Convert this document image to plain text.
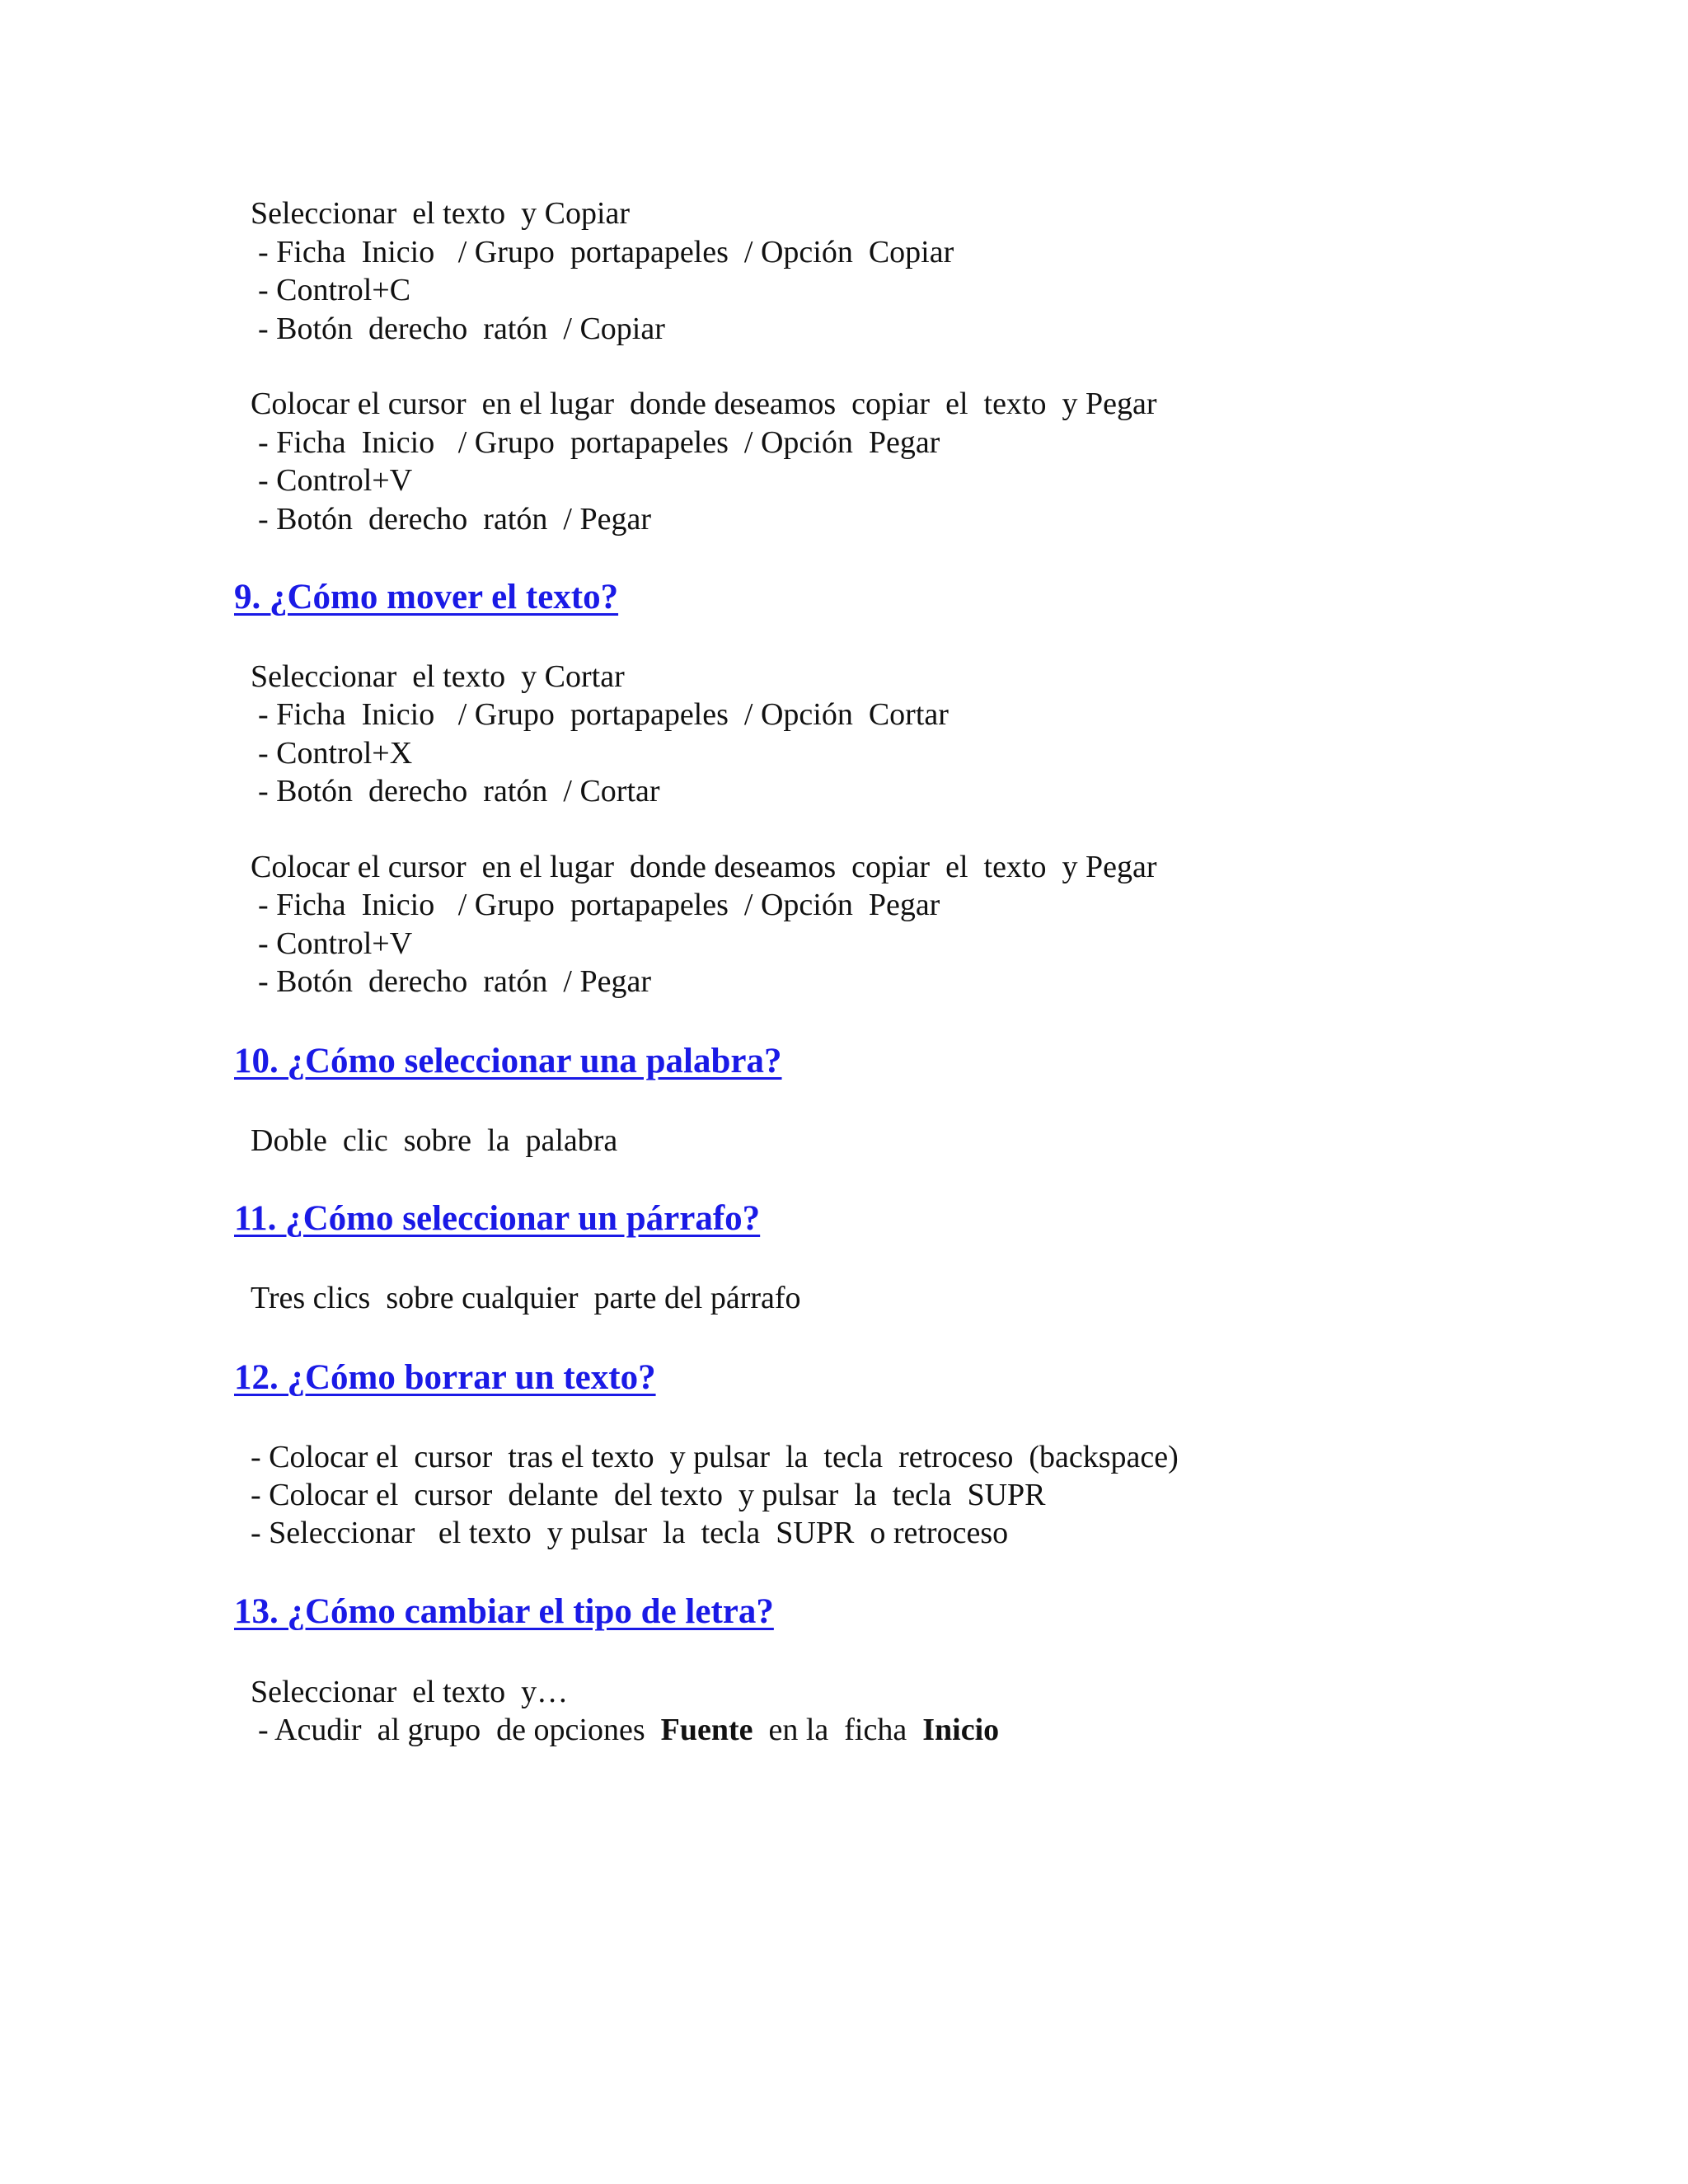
Seleccionar  el texto  y Copiar
- Ficha  Inicio   / Grupo  portapapeles  / Opción  Copiar
- Control+C
- Botón  derecho  ratón  / Copiar
Colocar el cursor  en el lugar  donde deseamos  copiar  el  texto  y Pegar
- Ficha  Inicio   / Grupo  portapapeles  / Opción  Pegar
- Control+V
- Botón  derecho  ratón  / Pegar
9. ¿Cómo mover el texto?
Seleccionar  el texto  y Cortar
- Ficha  Inicio   / Grupo  portapapeles  / Opción  Cortar
- Control+X
- Botón  derecho  ratón  / Cortar
Colocar el cursor  en el lugar  donde deseamos  copiar  el  texto  y Pegar
- Ficha  Inicio   / Grupo  portapapeles  / Opción  Pegar
- Control+V
- Botón  derecho  ratón  / Pegar
10. ¿Cómo seleccionar una palabra?
Doble  clic  sobre  la  palabra
11. ¿Cómo seleccionar un párrafo?
Tres clics  sobre cualquier  parte del párrafo
12. ¿Cómo borrar un texto?
- Colocar el  cursor  tras el texto  y pulsar  la  tecla  retroceso  (backspace)
- Colocar el  cursor  delante  del texto  y pulsar  la  tecla  SUPR
- Seleccionar   el texto  y pulsar  la  tecla  SUPR  o retroceso
13. ¿Cómo cambiar el tipo de letra?
Seleccionar  el texto  y…
- Acudir  al grupo  de opciones  Fuente  en la  ficha  Inicio
